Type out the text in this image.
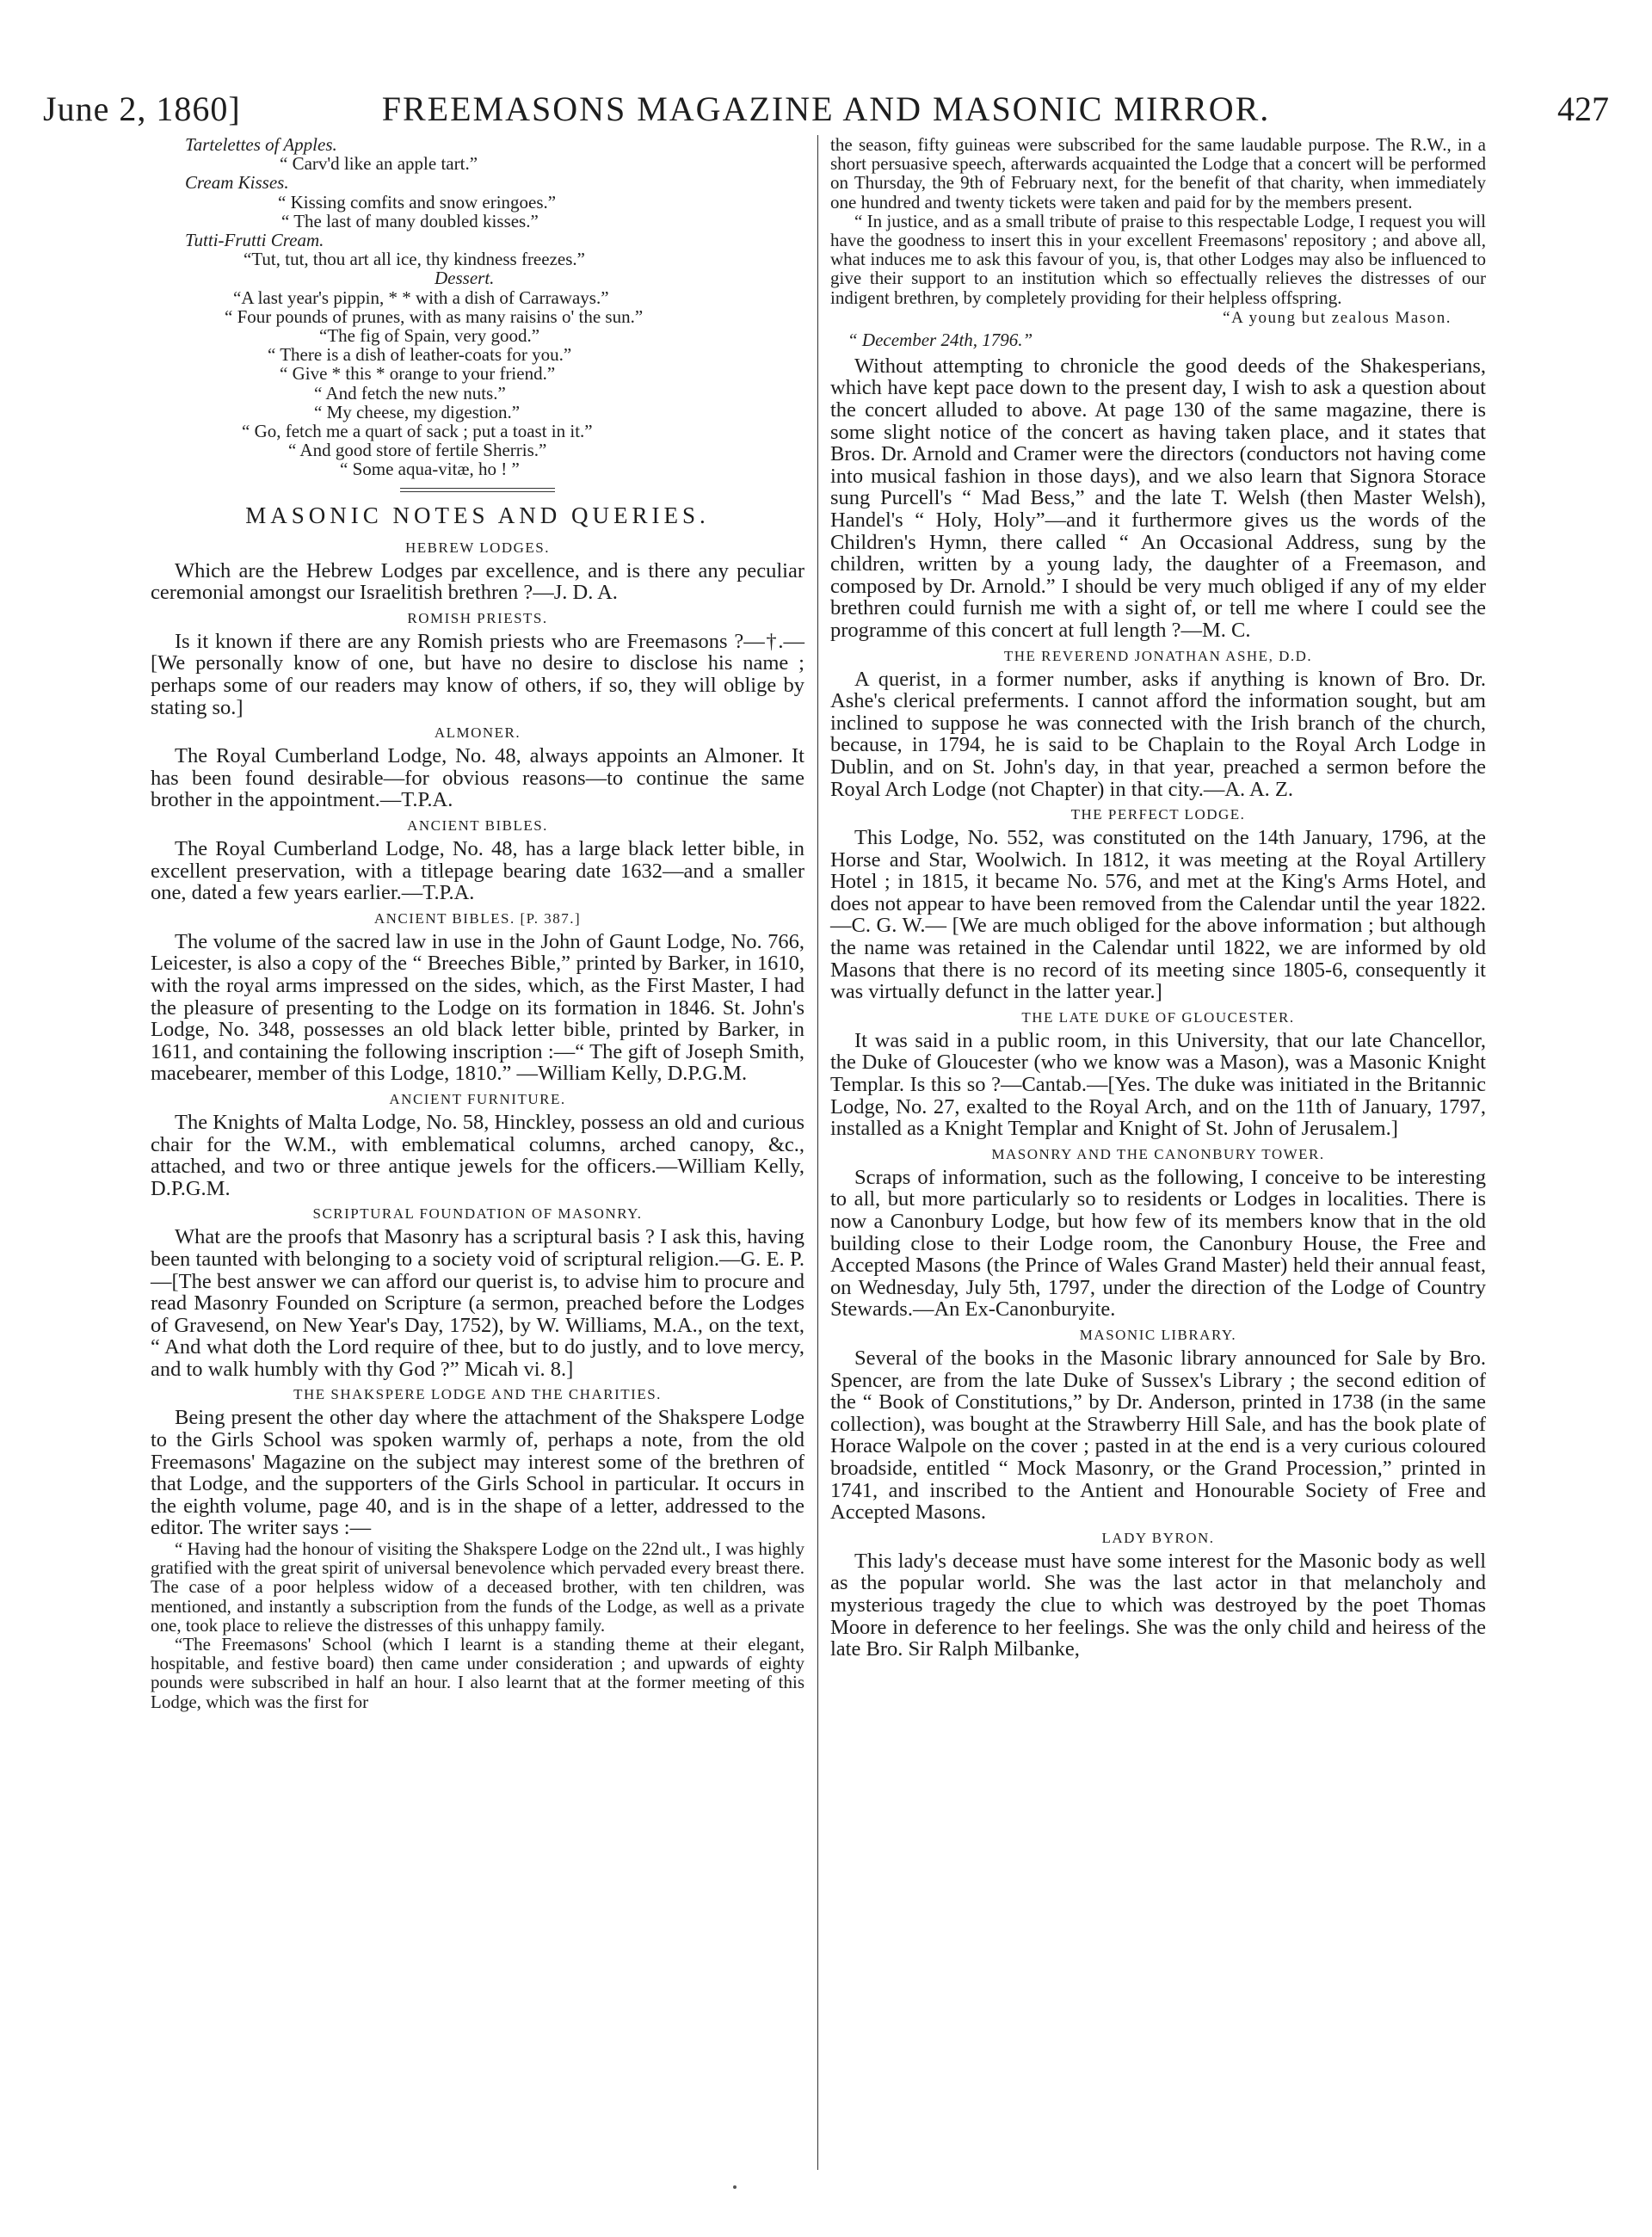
June 2, 1860]	FREEMASONS MAGAZINE AND MASONIC MIRROR.	427

Tartelettes of Apples.

“ Carv'd like an apple tart.”

Cream Kisses.

“ Kissing comfits and snow eringoes.”

“ The last of many doubled kisses.”

Tutti-Frutti Cream.

“Tut, tut, thou art all ice, thy kindness freezes.”

Dessert.

“A last year's pippin, * * with a dish of Carraways.”

“ Four pounds of prunes, with as many raisins o' the sun.”

“The fig of Spain, very good.”

“ There is a dish of leather-coats for you.”

“ Give * this * orange to your friend.”

“ And fetch the new nuts.”

“ My cheese, my digestion.”

“ Go, fetch me a quart of sack ; put a toast in it.”

“ And good store of fertile Sherris.”

“ Some aqua-vitæ, ho ! ”

MASONIC NOTES AND QUERIES.
HEBREW LODGES.

Which are the Hebrew Lodges par excellence, and is there any peculiar ceremonial amongst our Israelitish brethren ?—J. D. A.

ROMISH PRIESTS.

Is it known if there are any Romish priests who are Freemasons ?—†.—[We personally know of one, but have no desire to disclose his name ; perhaps some of our readers may know of others, if so, they will oblige by stating so.]

ALMONER.

The Royal Cumberland Lodge, No. 48, always appoints an Almoner. It has been found desirable—for obvious reasons—to continue the same brother in the appointment.—T.P.A.

ANCIENT BIBLES.

The Royal Cumberland Lodge, No. 48, has a large black letter bible, in excellent preservation, with a titlepage bearing date 1632—and a smaller one, dated a few years earlier.—T.P.A.

ANCIENT BIBLES. [P. 387.]

The volume of the sacred law in use in the John of Gaunt Lodge, No. 766, Leicester, is also a copy of the “ Breeches Bible,” printed by Barker, in 1610, with the royal arms impressed on the sides, which, as the First Master, I had the pleasure of presenting to the Lodge on its formation in 1846. St. John's Lodge, No. 348, possesses an old black letter bible, printed by Barker, in 1611, and containing the following inscription :—“ The gift of Joseph Smith, macebearer, member of this Lodge, 1810.” —William Kelly, D.P.G.M.

ANCIENT FURNITURE.

The Knights of Malta Lodge, No. 58, Hinckley, possess an old and curious chair for the W.M., with emblematical columns, arched canopy, &c., attached, and two or three antique jewels for the officers.—William Kelly, D.P.G.M.

SCRIPTURAL FOUNDATION OF MASONRY.

What are the proofs that Masonry has a scriptural basis ? I ask this, having been taunted with belonging to a society void of scriptural religion.—G. E. P.—[The best answer we can afford our querist is, to advise him to procure and read Masonry Founded on Scripture (a sermon, preached before the Lodges of Gravesend, on New Year's Day, 1752), by W. Williams, M.A., on the text, “ And what doth the Lord require of thee, but to do justly, and to love mercy, and to walk humbly with thy God ?” Micah vi. 8.]

THE SHAKSPERE LODGE AND THE CHARITIES.

Being present the other day where the attachment of the Shakspere Lodge to the Girls School was spoken warmly of, perhaps a note, from the old Freemasons' Magazine on the subject may interest some of the brethren of that Lodge, and the supporters of the Girls School in particular. It occurs in the eighth volume, page 40, and is in the shape of a letter, addressed to the editor. The writer says :—

“ Having had the honour of visiting the Shakspere Lodge on the 22nd ult., I was highly gratified with the great spirit of universal benevolence which pervaded every breast there. The case of a poor helpless widow of a deceased brother, with ten children, was mentioned, and instantly a subscription from the funds of the Lodge, as well as a private one, took place to relieve the distresses of this unhappy family.

“The Freemasons' School (which I learnt is a standing theme at their elegant, hospitable, and festive board) then came under consideration ; and upwards of eighty pounds were subscribed in half an hour. I also learnt that at the former meeting of this Lodge, which was the first for

the season, fifty guineas were subscribed for the same laudable purpose. The R.W., in a short persuasive speech, afterwards acquainted the Lodge that a concert will be performed on Thursday, the 9th of February next, for the benefit of that charity, when immediately one hundred and twenty tickets were taken and paid for by the members present.

“ In justice, and as a small tribute of praise to this respectable Lodge, I request you will have the goodness to insert this in your excellent Freemasons' repository ; and above all, what induces me to ask this favour of you, is, that other Lodges may also be influenced to give their support to an institution which so effectually relieves the distresses of our indigent brethren, by completely providing for their helpless offspring.

“A young but zealous Mason.

“ December 24th, 1796.”

Without attempting to chronicle the good deeds of the Shakesperians, which have kept pace down to the present day, I wish to ask a question about the concert alluded to above. At page 130 of the same magazine, there is some slight notice of the concert as having taken place, and it states that Bros. Dr. Arnold and Cramer were the directors (conductors not having come into musical fashion in those days), and we also learn that Signora Storace sung Purcell's “ Mad Bess,” and the late T. Welsh (then Master Welsh), Handel's “ Holy, Holy”—and it furthermore gives us the words of the Children's Hymn, there called “ An Occasional Address, sung by the children, written by a young lady, the daughter of a Freemason, and composed by Dr. Arnold.” I should be very much obliged if any of my elder brethren could furnish me with a sight of, or tell me where I could see the programme of this concert at full length ?—M. C.

THE REVEREND JONATHAN ASHE, D.D.

A querist, in a former number, asks if anything is known of Bro. Dr. Ashe's clerical preferments. I cannot afford the information sought, but am inclined to suppose he was connected with the Irish branch of the church, because, in 1794, he is said to be Chaplain to the Royal Arch Lodge in Dublin, and on St. John's day, in that year, preached a sermon before the Royal Arch Lodge (not Chapter) in that city.—A. A. Z.

THE PERFECT LODGE.

This Lodge, No. 552, was constituted on the 14th January, 1796, at the Horse and Star, Woolwich. In 1812, it was meeting at the Royal Artillery Hotel ; in 1815, it became No. 576, and met at the King's Arms Hotel, and does not appear to have been removed from the Calendar until the year 1822.—C. G. W.— [We are much obliged for the above information ; but although the name was retained in the Calendar until 1822, we are informed by old Masons that there is no record of its meeting since 1805-6, consequently it was virtually defunct in the latter year.]

THE LATE DUKE OF GLOUCESTER.

It was said in a public room, in this University, that our late Chancellor, the Duke of Gloucester (who we know was a Mason), was a Masonic Knight Templar. Is this so ?—Cantab.—[Yes. The duke was initiated in the Britannic Lodge, No. 27, exalted to the Royal Arch, and on the 11th of January, 1797, installed as a Knight Templar and Knight of St. John of Jerusalem.]

MASONRY AND THE CANONBURY TOWER.

Scraps of information, such as the following, I conceive to be interesting to all, but more particularly so to residents or Lodges in localities. There is now a Canonbury Lodge, but how few of its members know that in the old building close to their Lodge room, the Canonbury House, the Free and Accepted Masons (the Prince of Wales Grand Master) held their annual feast, on Wednesday, July 5th, 1797, under the direction of the Lodge of Country Stewards.—An Ex-Canonburyite.

MASONIC LIBRARY.

Several of the books in the Masonic library announced for Sale by Bro. Spencer, are from the late Duke of Sussex's Library ; the second edition of the “ Book of Constitutions,” by Dr. Anderson, printed in 1738 (in the same collection), was bought at the Strawberry Hill Sale, and has the book plate of Horace Walpole on the cover ; pasted in at the end is a very curious coloured broadside, entitled “ Mock Masonry, or the Grand Procession,” printed in 1741, and inscribed to the Antient and Honourable Society of Free and Accepted Masons.

LADY BYRON.

This lady's decease must have some interest for the Masonic body as well as the popular world. She was the last actor in that melancholy and mysterious tragedy the clue to which was destroyed by the poet Thomas Moore in deference to her feelings. She was the only child and heiress of the late Bro. Sir Ralph Milbanke,
